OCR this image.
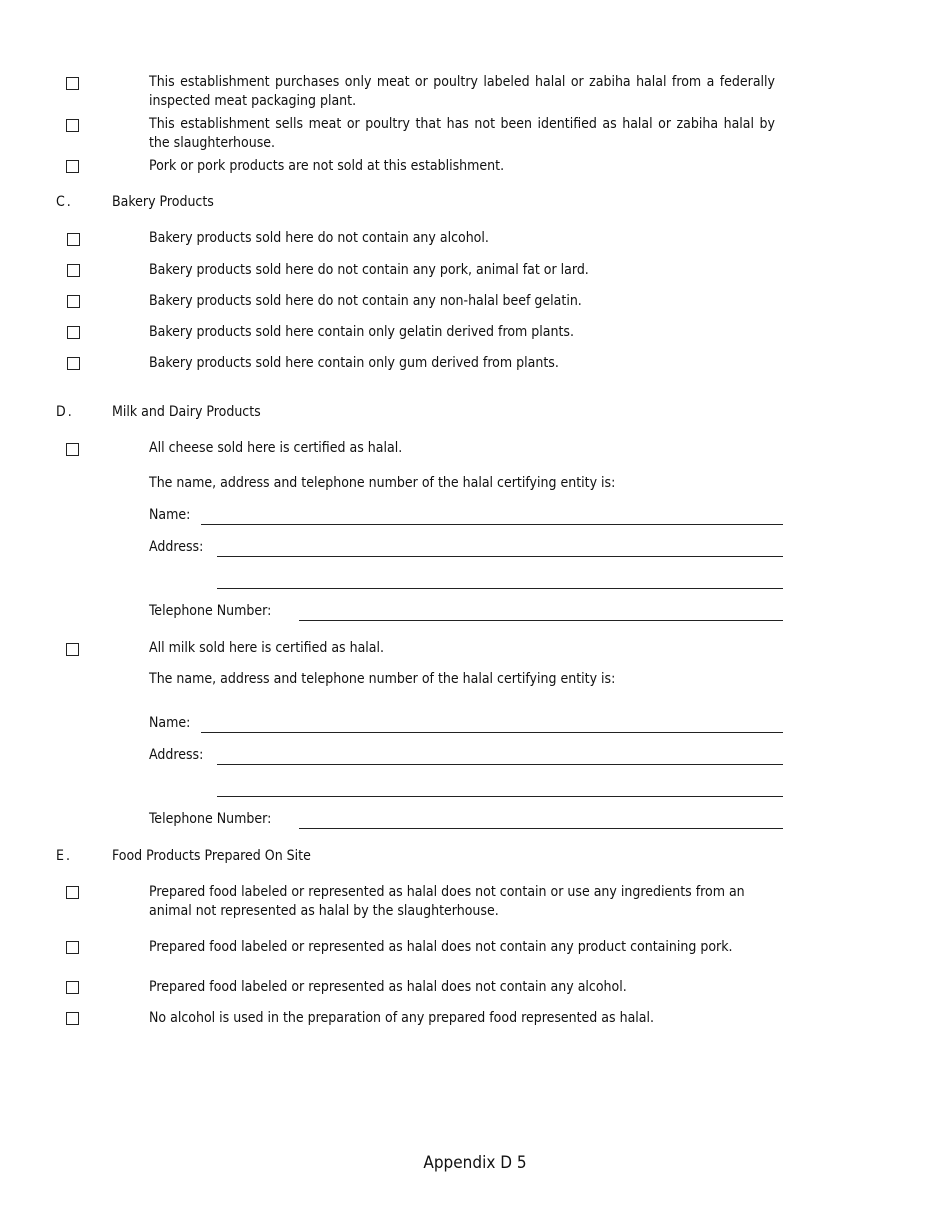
This establishment purchases only meat or poultry labeled halal or zabiha halal from a federally inspected meat packaging plant.
This establishment sells meat or poultry that has not been identified as halal or zabiha halal by the slaughterhouse.
Pork or pork products are not sold at this establishment.
C.	Bakery Products
Bakery products sold here do not contain any alcohol.
Bakery products sold here do not contain any pork, animal fat or lard.
Bakery products sold here do not contain any non-halal beef gelatin.
Bakery products sold here contain only gelatin derived from plants.
Bakery products sold here contain only gum derived from plants.
D.	Milk and Dairy Products
All cheese sold here is certified as halal.
The name, address and telephone number of the halal certifying entity is:
Name:
Address:
Telephone Number:
All milk sold here is certified as halal.
The name, address and telephone number of the halal certifying entity is:
Name:
Address:
Telephone Number:
E.	Food Products Prepared On Site
Prepared food labeled or represented as halal does not contain or use any ingredients from an animal not represented as halal by the slaughterhouse.
Prepared food labeled or represented as halal does not contain any product containing pork.
Prepared food labeled or represented as halal does not contain any alcohol.
No alcohol is used in the preparation of any prepared food represented as halal.
Appendix D 5
